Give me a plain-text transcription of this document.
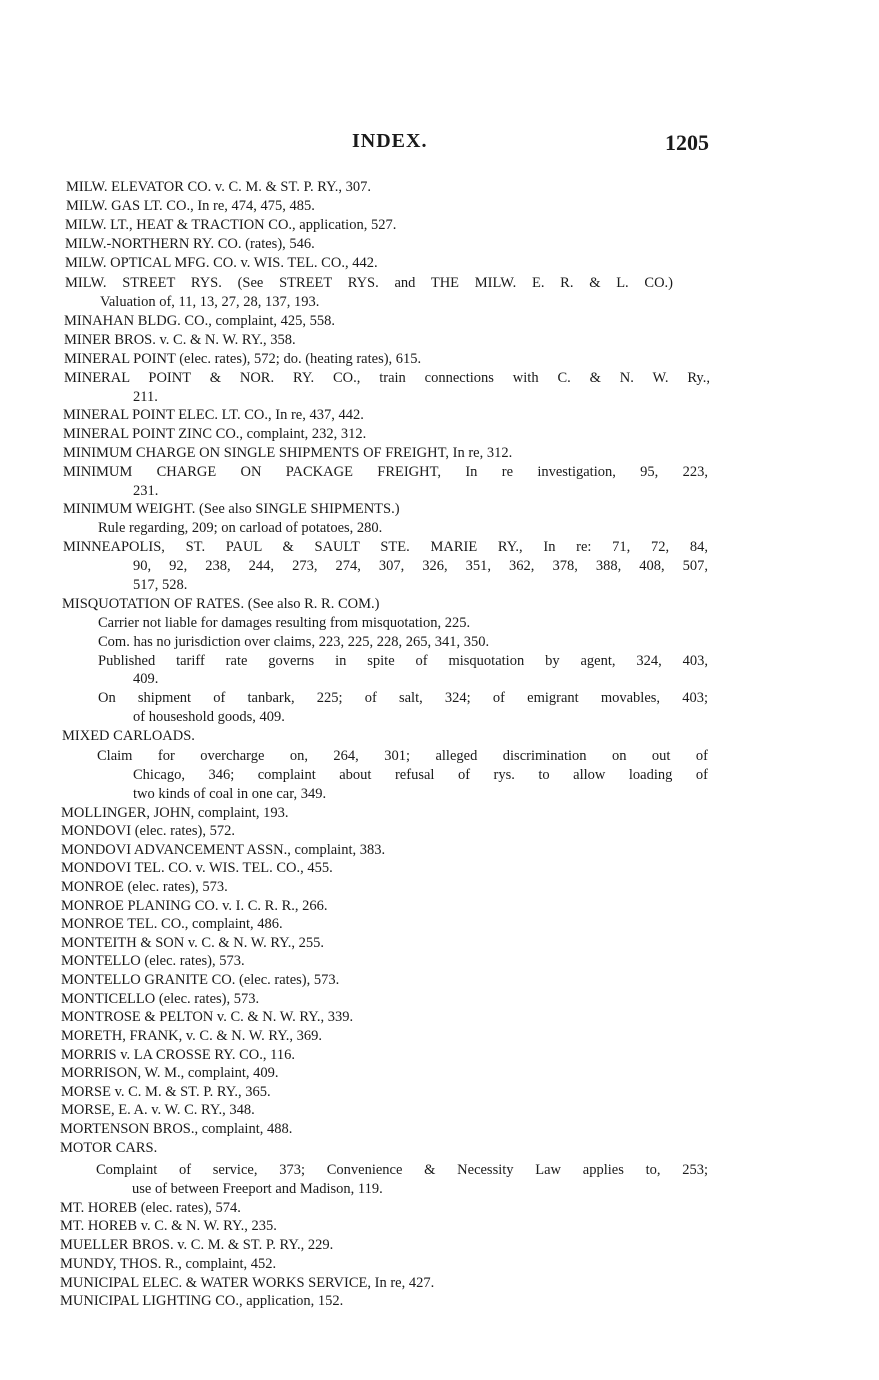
INDEX.	1205
MILW. ELEVATOR CO. v. C. M. & ST. P. RY., 307.
MILW. GAS LT. CO., In re, 474, 475, 485.
MILW. LT., HEAT & TRACTION CO., application, 527.
MILW.-NORTHERN RY. CO. (rates), 546.
MILW. OPTICAL MFG. CO. v. WIS. TEL. CO., 442.
MILW. STREET RYS. (See STREET RYS. and THE MILW. E. R. & L. CO.)
Valuation of, 11, 13, 27, 28, 137, 193.
MINAHAN BLDG. CO., complaint, 425, 558.
MINER BROS. v. C. & N. W. RY., 358.
MINERAL POINT (elec. rates), 572; do. (heating rates), 615.
MINERAL POINT & NOR. RY. CO., train connections with C. & N. W. Ry.,
211.
MINERAL POINT ELEC. LT. CO., In re, 437, 442.
MINERAL POINT ZINC CO., complaint, 232, 312.
MINIMUM CHARGE ON SINGLE SHIPMENTS OF FREIGHT, In re, 312.
MINIMUM CHARGE ON PACKAGE FREIGHT, In re investigation, 95, 223,
231.
MINIMUM WEIGHT. (See also SINGLE SHIPMENTS.)
Rule regarding, 209; on carload of potatoes, 280.
MINNEAPOLIS, ST. PAUL & SAULT STE. MARIE RY., In re: 71, 72, 84,
90, 92, 238, 244, 273, 274, 307, 326, 351, 362, 378, 388, 408, 507,
517, 528.
MISQUOTATION OF RATES. (See also R. R. COM.)
Carrier not liable for damages resulting from misquotation, 225.
Com. has no jurisdiction over claims, 223, 225, 228, 265, 341, 350.
Published tariff rate governs in spite of misquotation by agent, 324, 403,
409.
On shipment of tanbark, 225; of salt, 324; of emigrant movables, 403;
of houseshold goods, 409.
MIXED CARLOADS.
Claim for overcharge on, 264, 301; alleged discrimination on out of
Chicago, 346; complaint about refusal of rys. to allow loading of
two kinds of coal in one car, 349.
MOLLINGER, JOHN, complaint, 193.
MONDOVI (elec. rates), 572.
MONDOVI ADVANCEMENT ASSN., complaint, 383.
MONDOVI TEL. CO. v. WIS. TEL. CO., 455.
MONROE (elec. rates), 573.
MONROE PLANING CO. v. I. C. R. R., 266.
MONROE TEL. CO., complaint, 486.
MONTEITH & SON v. C. & N. W. RY., 255.
MONTELLO (elec. rates), 573.
MONTELLO GRANITE CO. (elec. rates), 573.
MONTICELLO (elec. rates), 573.
MONTROSE & PELTON v. C. & N. W. RY., 339.
MORETH, FRANK, v. C. & N. W. RY., 369.
MORRIS v. LA CROSSE RY. CO., 116.
MORRISON, W. M., complaint, 409.
MORSE v. C. M. & ST. P. RY., 365.
MORSE, E. A. v. W. C. RY., 348.
MORTENSON BROS., complaint, 488.
MOTOR CARS.
Complaint of service, 373; Convenience & Necessity Law applies to, 253;
use of between Freeport and Madison, 119.
MT. HOREB (elec. rates), 574.
MT. HOREB v. C. & N. W. RY., 235.
MUELLER BROS. v. C. M. & ST. P. RY., 229.
MUNDY, THOS. R., complaint, 452.
MUNICIPAL ELEC. & WATER WORKS SERVICE, In re, 427.
MUNICIPAL LIGHTING CO., application, 152.
